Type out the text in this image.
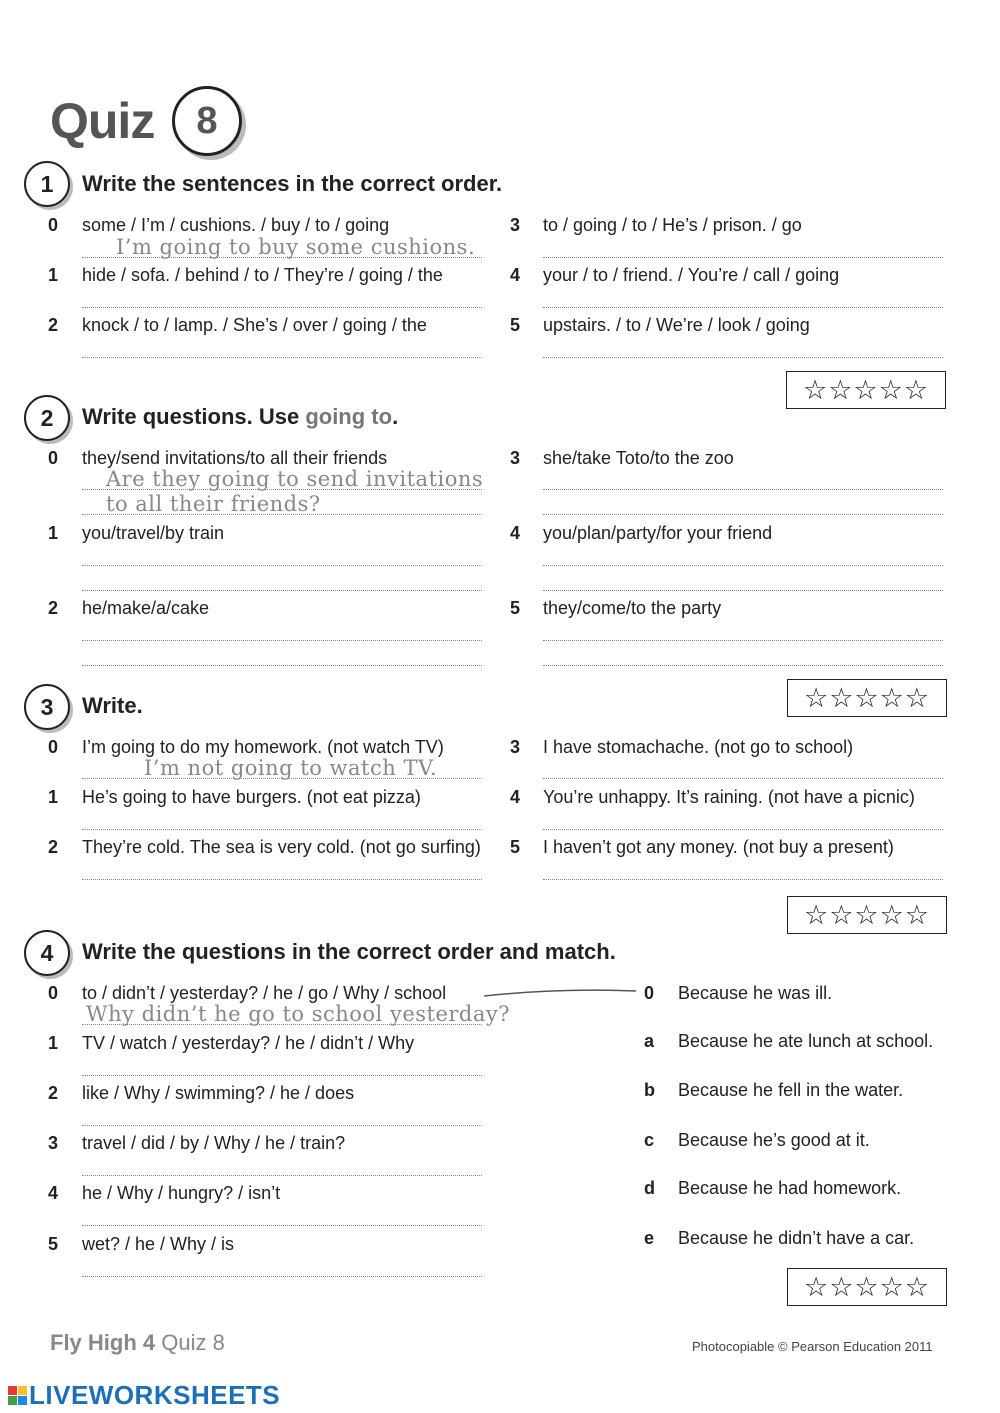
Quiz	8
1	Write the sentences in the correct order.
0	some / I’m / cushions. / buy / to / going
I’m going to buy some cushions.
1	hide / sofa. / behind / to / They’re / going / the
2	knock / to / lamp. / She’s / over / going / the
3	to / going / to / He’s / prison. / go
4	your / to / friend. / You’re / call / going
5	upstairs. / to / We’re / look / going
☆☆☆☆☆
2	Write questions. Use going to.
0	they/send invitations/to all their friends
Are they going to send invitations
to all their friends?
1	you/travel/by train
2	he/make/a/cake
3	she/take Toto/to the zoo
4	you/plan/party/for your friend
5	they/come/to the party
☆☆☆☆☆
3	Write.
0	I’m going to do my homework. (not watch TV)
I’m not going to watch TV.
1	He’s going to have burgers. (not eat pizza)
2	They’re cold. The sea is very cold. (not go surfing)
3	I have stomachache. (not go to school)
4	You’re unhappy. It’s raining. (not have a picnic)
5	I haven’t got any money. (not buy a present)
☆☆☆☆☆
4	Write the questions in the correct order and match.
0	to / didn’t / yesterday? / he / go / Why / school
Why didn’t he go to school yesterday?
1	TV / watch / yesterday? / he / didn’t / Why
2	like / Why / swimming? / he / does
3	travel / did / by / Why / he / train?
4	he / Why / hungry? / isn’t
5	wet? / he / Why / is
0	Because he was ill.
a	Because he ate lunch at school.
b	Because he fell in the water.
c	Because he’s good at it.
d	Because he had homework.
e	Because he didn’t have a car.
☆☆☆☆☆
Fly High 4 Quiz 8	Photocopiable © Pearson Education 2011
LIVEWORKSHEETS
